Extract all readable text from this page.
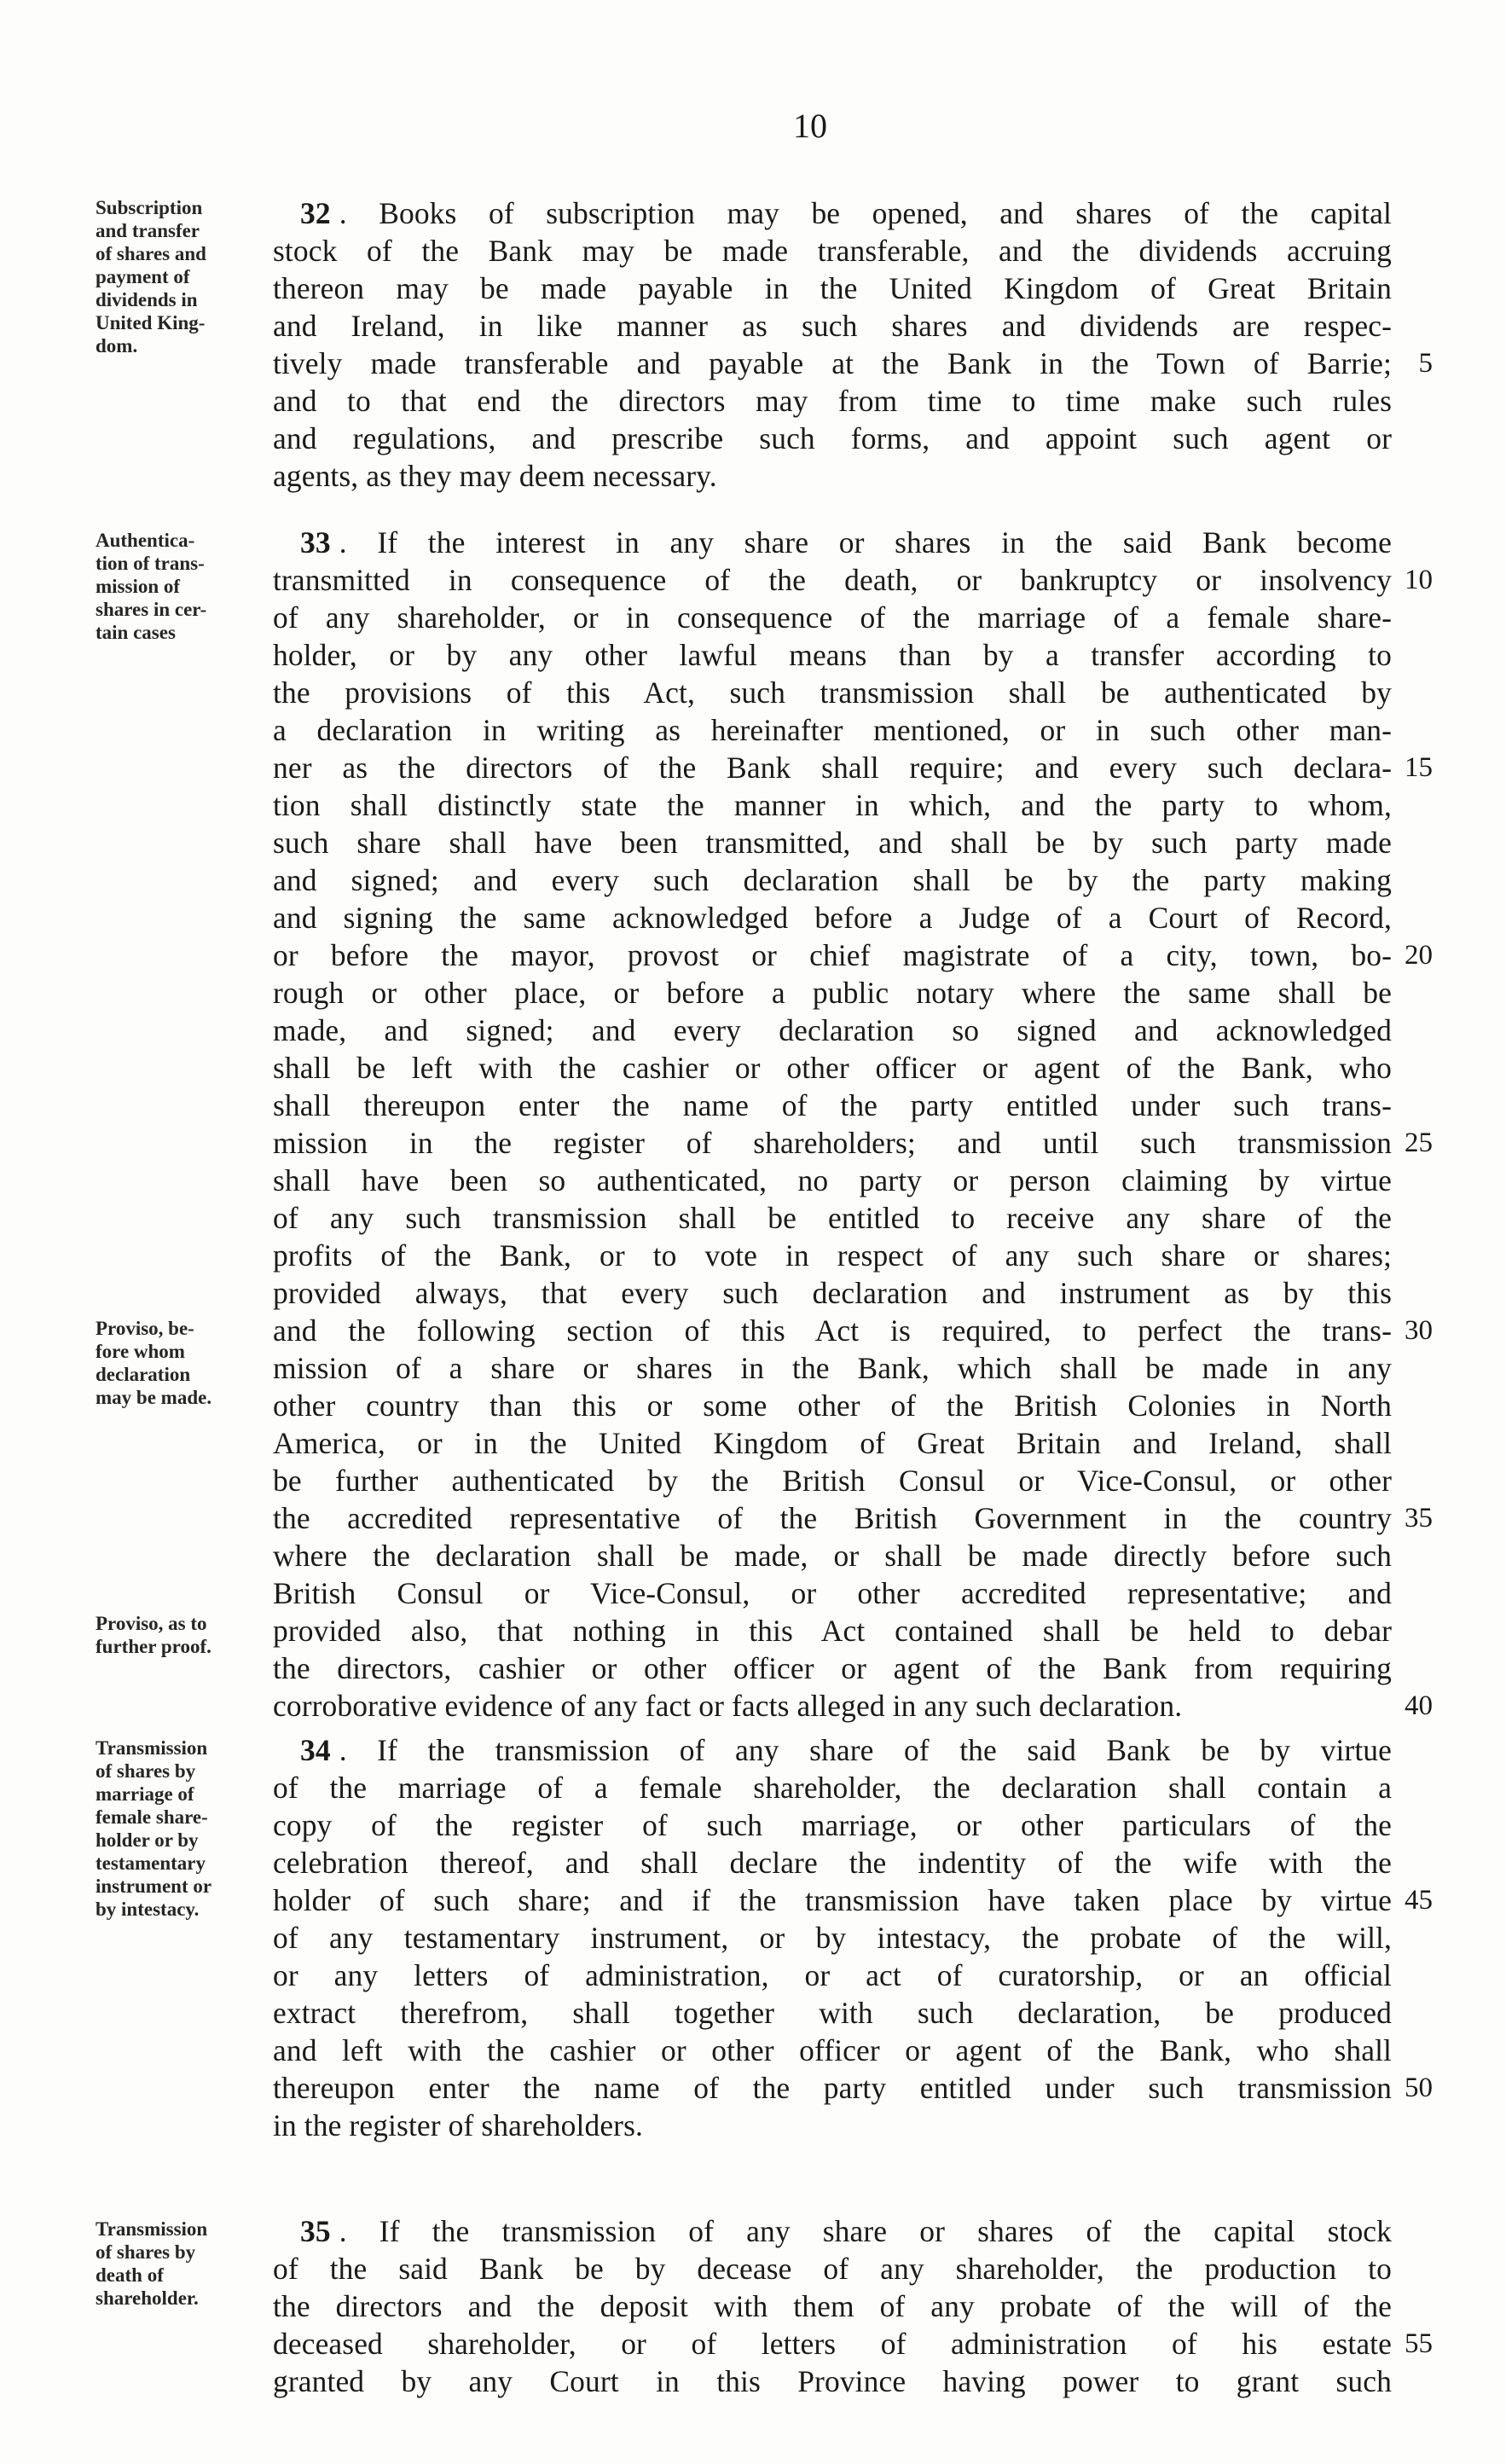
10
Subscription
and transfer
of shares and
payment of
dividends in
United King-
dom.
32 . Books of subscription may be opened, and shares of the capital
stock of the Bank may be made transferable, and the dividends accruing
thereon may be made payable in the United Kingdom of Great Britain
and Ireland, in like manner as such shares and dividends are respec-
tively made transferable and payable at the Bank in the Town of Barrie;
and to that end the directors may from time to time make such rules
and regulations, and prescribe such forms, and appoint such agent or
agents, as they may deem necessary.
5
Authentica-
tion of trans-
mission of
shares in cer-
tain cases
Proviso, be-
fore whom
declaration
may be made.
Proviso, as to
further proof.
33 . If the interest in any share or shares in the said Bank become
transmitted in consequence of the death, or bankruptcy or insolvency
of any shareholder, or in consequence of the marriage of a female share-
holder, or by any other lawful means than by a transfer according to
the provisions of this Act, such transmission shall be authenticated by
a declaration in writing as hereinafter mentioned, or in such other man-
ner as the directors of the Bank shall require; and every such declara-
tion shall distinctly state the manner in which, and the party to whom,
such share shall have been transmitted, and shall be by such party made
and signed; and every such declaration shall be by the party making
and signing the same acknowledged before a Judge of a Court of Record,
or before the mayor, provost or chief magistrate of a city, town, bo-
rough or other place, or before a public notary where the same shall be
made, and signed; and every declaration so signed and acknowledged
shall be left with the cashier or other officer or agent of the Bank, who
shall thereupon enter the name of the party entitled under such trans-
mission in the register of shareholders; and until such transmission
shall have been so authenticated, no party or person claiming by virtue
of any such transmission shall be entitled to receive any share of the
profits of the Bank, or to vote in respect of any such share or shares;
provided always, that every such declaration and instrument as by this
and the following section of this Act is required, to perfect the trans-
mission of a share or shares in the Bank, which shall be made in any
other country than this or some other of the British Colonies in North
America, or in the United Kingdom of Great Britain and Ireland, shall
be further authenticated by the British Consul or Vice-Consul, or other
the accredited representative of the British Government in the country
where the declaration shall be made, or shall be made directly before such
British Consul or Vice-Consul, or other accredited representative; and
provided also, that nothing in this Act contained shall be held to debar
the directors, cashier or other officer or agent of the Bank from requiring
corroborative evidence of any fact or facts alleged in any such declaration.
10
15
20
25
30
35
40
Transmission
of shares by
marriage of
female share-
holder or by
testamentary
instrument or
by intestacy.
34 . If the transmission of any share of the said Bank be by virtue
of the marriage of a female shareholder, the declaration shall contain a
copy of the register of such marriage, or other particulars of the
celebration thereof, and shall declare the indentity of the wife with the
holder of such share; and if the transmission have taken place by virtue
of any testamentary instrument, or by intestacy, the probate of the will,
or any letters of administration, or act of curatorship, or an official
extract therefrom, shall together with such declaration, be produced
and left with the cashier or other officer or agent of the Bank, who shall
thereupon enter the name of the party entitled under such transmission
in the register of shareholders.
45
50
Transmission
of shares by
death of
shareholder.
35 . If the transmission of any share or shares of the capital stock
of the said Bank be by decease of any shareholder, the production to
the directors and the deposit with them of any probate of the will of the
deceased shareholder, or of letters of administration of his estate
granted by any Court in this Province having power to grant such
55
